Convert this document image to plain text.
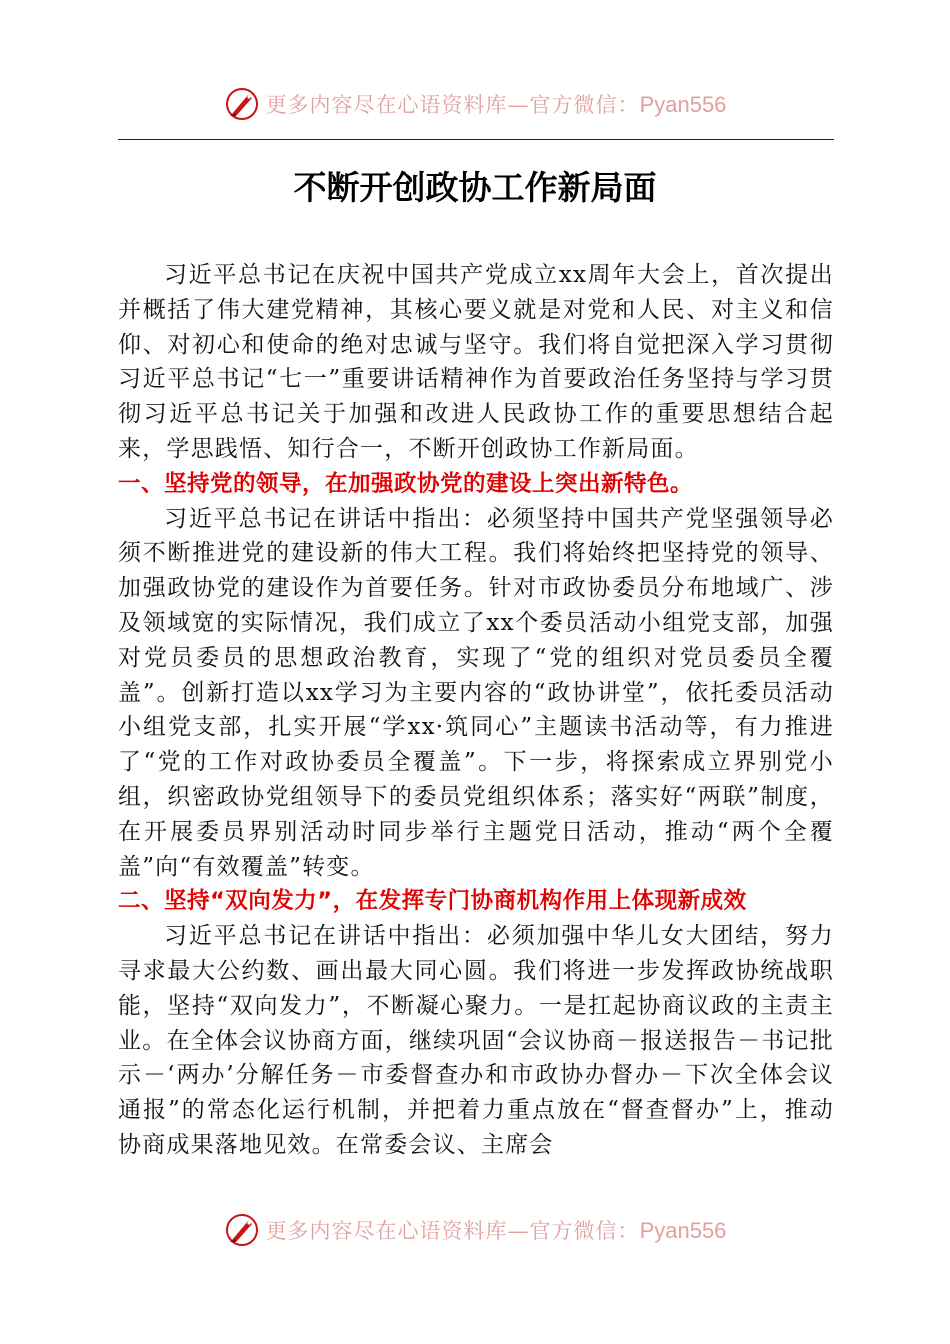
更多内容尽在心语资料库—官方微信：Pyan556
不断开创政协工作新局面

习近平总书记在庆祝中国共产党成立xx周年大会上，首次提出并概括了伟大建党精神，其核心要义就是对党和人民、对主义和信仰、对初心和使命的绝对忠诚与坚守。我们将自觉把深入学习贯彻习近平总书记“七一”重要讲话精神作为首要政治任务坚持与学习贯彻习近平总书记关于加强和改进人民政协工作的重要思想结合起来，学思践悟、知行合一，不断开创政协工作新局面。

一、坚持党的领导，在加强政协党的建设上突出新特色。

习近平总书记在讲话中指出：必须坚持中国共产党坚强领导必须不断推进党的建设新的伟大工程。我们将始终把坚持党的领导、加强政协党的建设作为首要任务。针对市政协委员分布地域广、涉及领域宽的实际情况，我们成立了xx个委员活动小组党支部，加强对党员委员的思想政治教育，实现了“党的组织对党员委员全覆盖”。创新打造以xx学习为主要内容的“政协讲堂”，依托委员活动小组党支部，扎实开展“学xx·筑同心”主题读书活动等，有力推进了“党的工作对政协委员全覆盖”。下一步，将探索成立界别党小组，织密政协党组领导下的委员党组织体系；落实好“两联”制度，在开展委员界别活动时同步举行主题党日活动，推动“两个全覆盖”向“有效覆盖”转变。

二、坚持“双向发力”，在发挥专门协商机构作用上体现新成效

习近平总书记在讲话中指出：必须加强中华儿女大团结，努力寻求最大公约数、画出最大同心圆。我们将进一步发挥政协统战职能，坚持“双向发力”，不断凝心聚力。一是扛起协商议政的主责主业。在全体会议协商方面，继续巩固“会议协商－报送报告－书记批示－‘两办’分解任务－市委督查办和市政协办督办－下次全体会议通报”的常态化运行机制，并把着力重点放在“督查督办”上，推动协商成果落地见效。在常委会议、主席会

更多内容尽在心语资料库—官方微信：Pyan556
